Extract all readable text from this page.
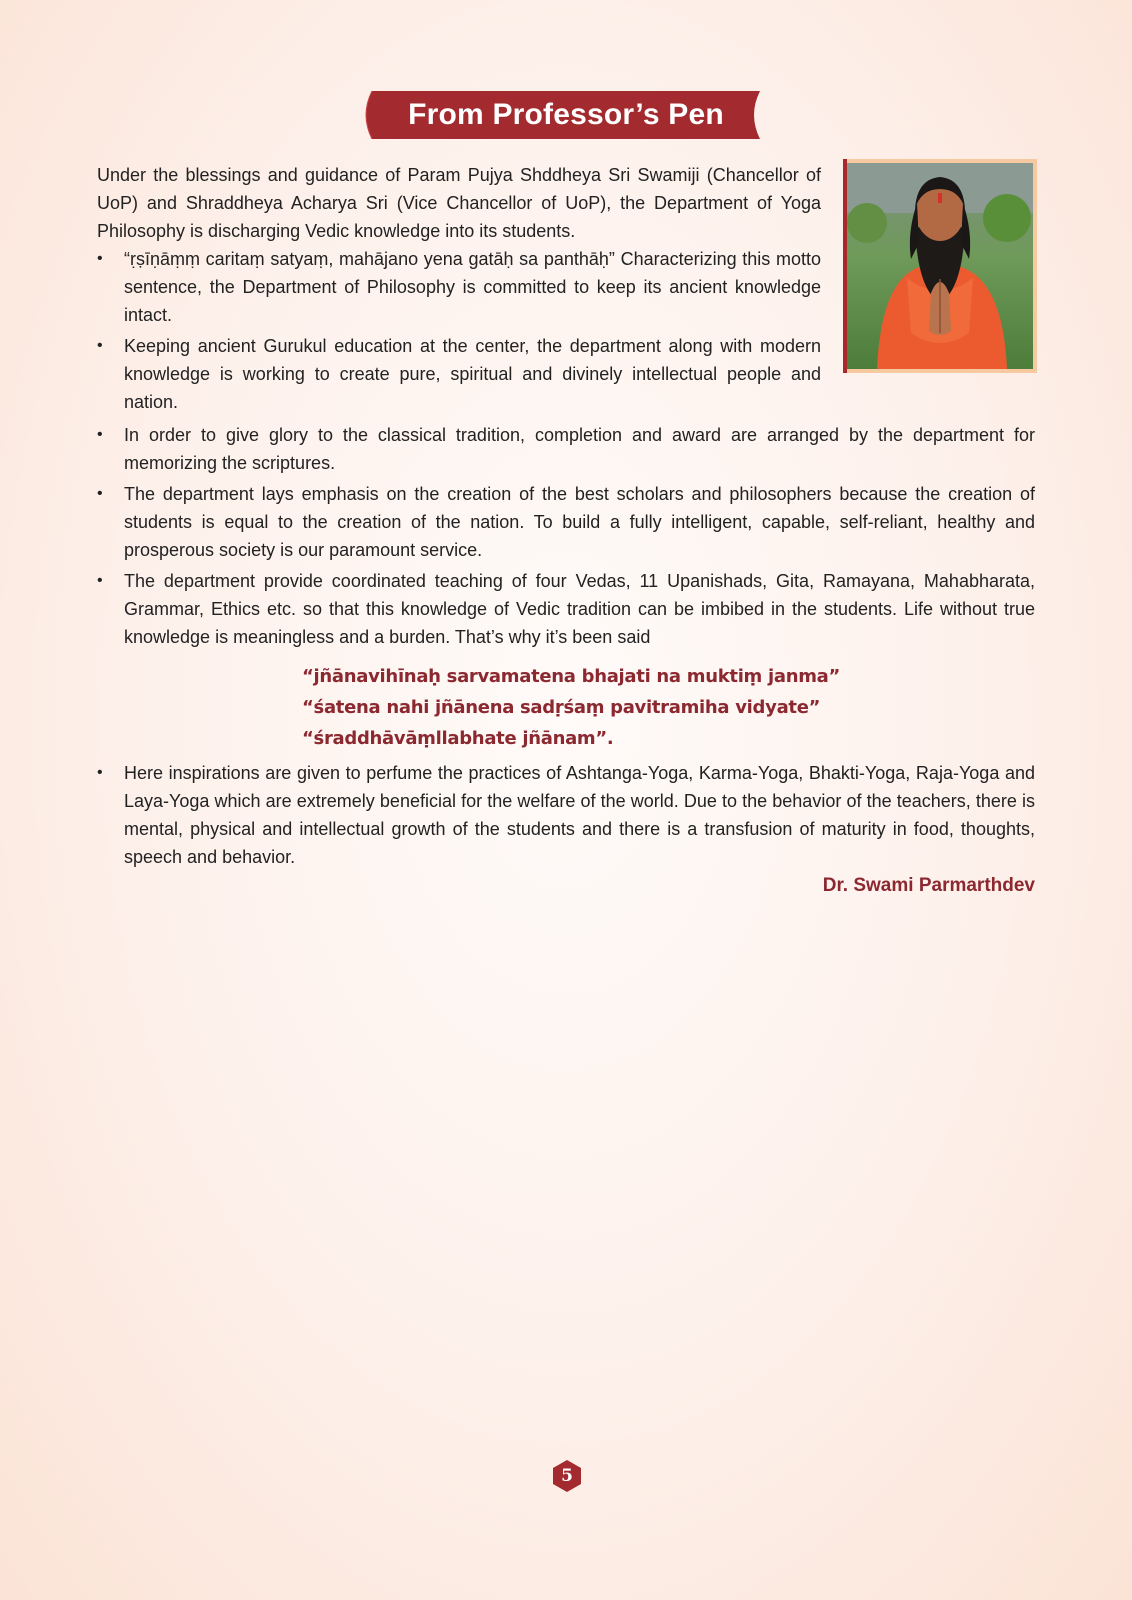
From Professor’s Pen

Under the blessings and guidance of Param Pujya Shddheya Sri Swamiji (Chancellor of UoP) and Shraddheya Acharya Sri (Vice Chancellor of UoP), the Department of Yoga Philosophy is discharging Vedic knowledge into its students.

•	“ṛṣīṇāṃṃ caritaṃ satyaṃ, mahājano yena gatāḥ sa panthāḥ” Characterizing this motto sentence, the Department of Philosophy is committed to keep its ancient knowledge intact.
•	Keeping ancient Gurukul education at the center, the department along with modern knowledge is working to create pure, spiritual and divinely intellectual people and nation.
•	In order to give glory to the classical tradition, completion and award are arranged by the department for memorizing the scriptures.
•	The department lays emphasis on the creation of the best scholars and philosophers because the creation of students is equal to the creation of the nation. To build a fully intelligent, capable, self-reliant, healthy and prosperous society is our paramount service.
•	The department provide coordinated teaching of four Vedas, 11 Upanishads, Gita, Ramayana, Mahabharata, Grammar, Ethics etc. so that this knowledge of Vedic tradition can be imbibed in the students. Life without true knowledge is meaningless and a burden. That’s why it’s been said
“jñānavihīnaḥ sarvamatena bhajati na muktiṃ janma”
“śatena nahi jñānena sadṛśaṃ pavitramiha vidyate”
“śraddhāvāṃllabhate jñānam”.
•	Here inspirations are given to perfume the practices of Ashtanga-Yoga, Karma-Yoga, Bhakti-Yoga, Raja-Yoga and Laya-Yoga which are extremely beneficial for the welfare of the world. Due to the behavior of the teachers, there is mental, physical and intellectual growth of the students and there is a transfusion of maturity in food, thoughts, speech and behavior.
Dr. Swami Parmarthdev
5
